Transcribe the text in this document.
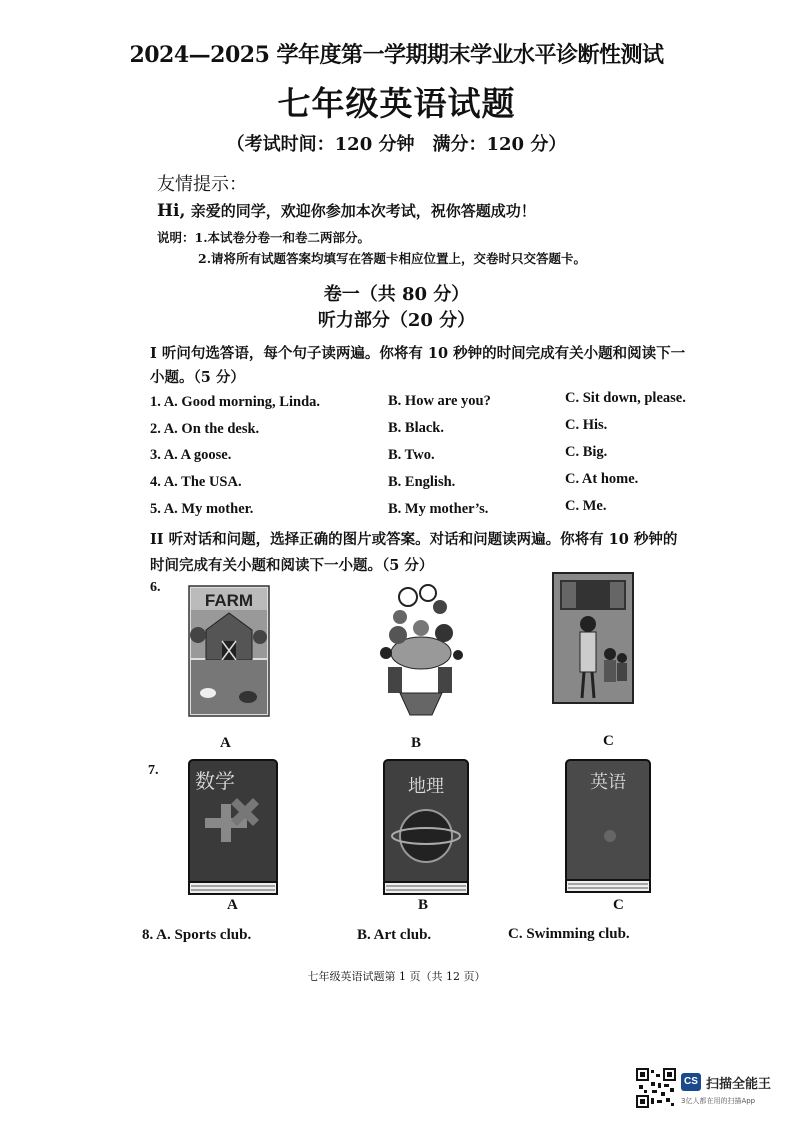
2024—2025 学年度第一学期期末学业水平诊断性测试
七年级英语试题
（考试时间：120 分钟　满分：120 分）
友情提示：
Hi, 亲爱的同学，欢迎你参加本次考试，祝你答题成功！
说明：1.本试卷分卷一和卷二两部分。
2.请将所有试题答案均填写在答题卡相应位置上，交卷时只交答题卡。
卷一（共 80 分）
听力部分（20 分）
I 听问句选答语，每个句子读两遍。你将有 10 秒钟的时间完成有关小题和阅读下一
小题。（5 分）
1. A. Good morning, Linda.	B. How are you?	C. Sit down, please.
2. A. On the desk.	B. Black.	C. His.
3. A. A goose.	B. Two.	C. Big.
4. A. The USA.	B. English.	C. At home.
5. A. My mother.	B. My mother’s.	C. Me.
II 听对话和问题，选择正确的图片或答案。对话和问题读两遍。你将有 10 秒钟的
时间完成有关小题和阅读下一小题。（5 分）
6.
FARM
A	B	C
7. 数学	地理	英语
A	B	C
8. A. Sports club.	B. Art club.	C. Swimming club.
七年级英语试题第 1 页（共 12 页）
CS 扫描全能王
3亿人都在用的扫描App
